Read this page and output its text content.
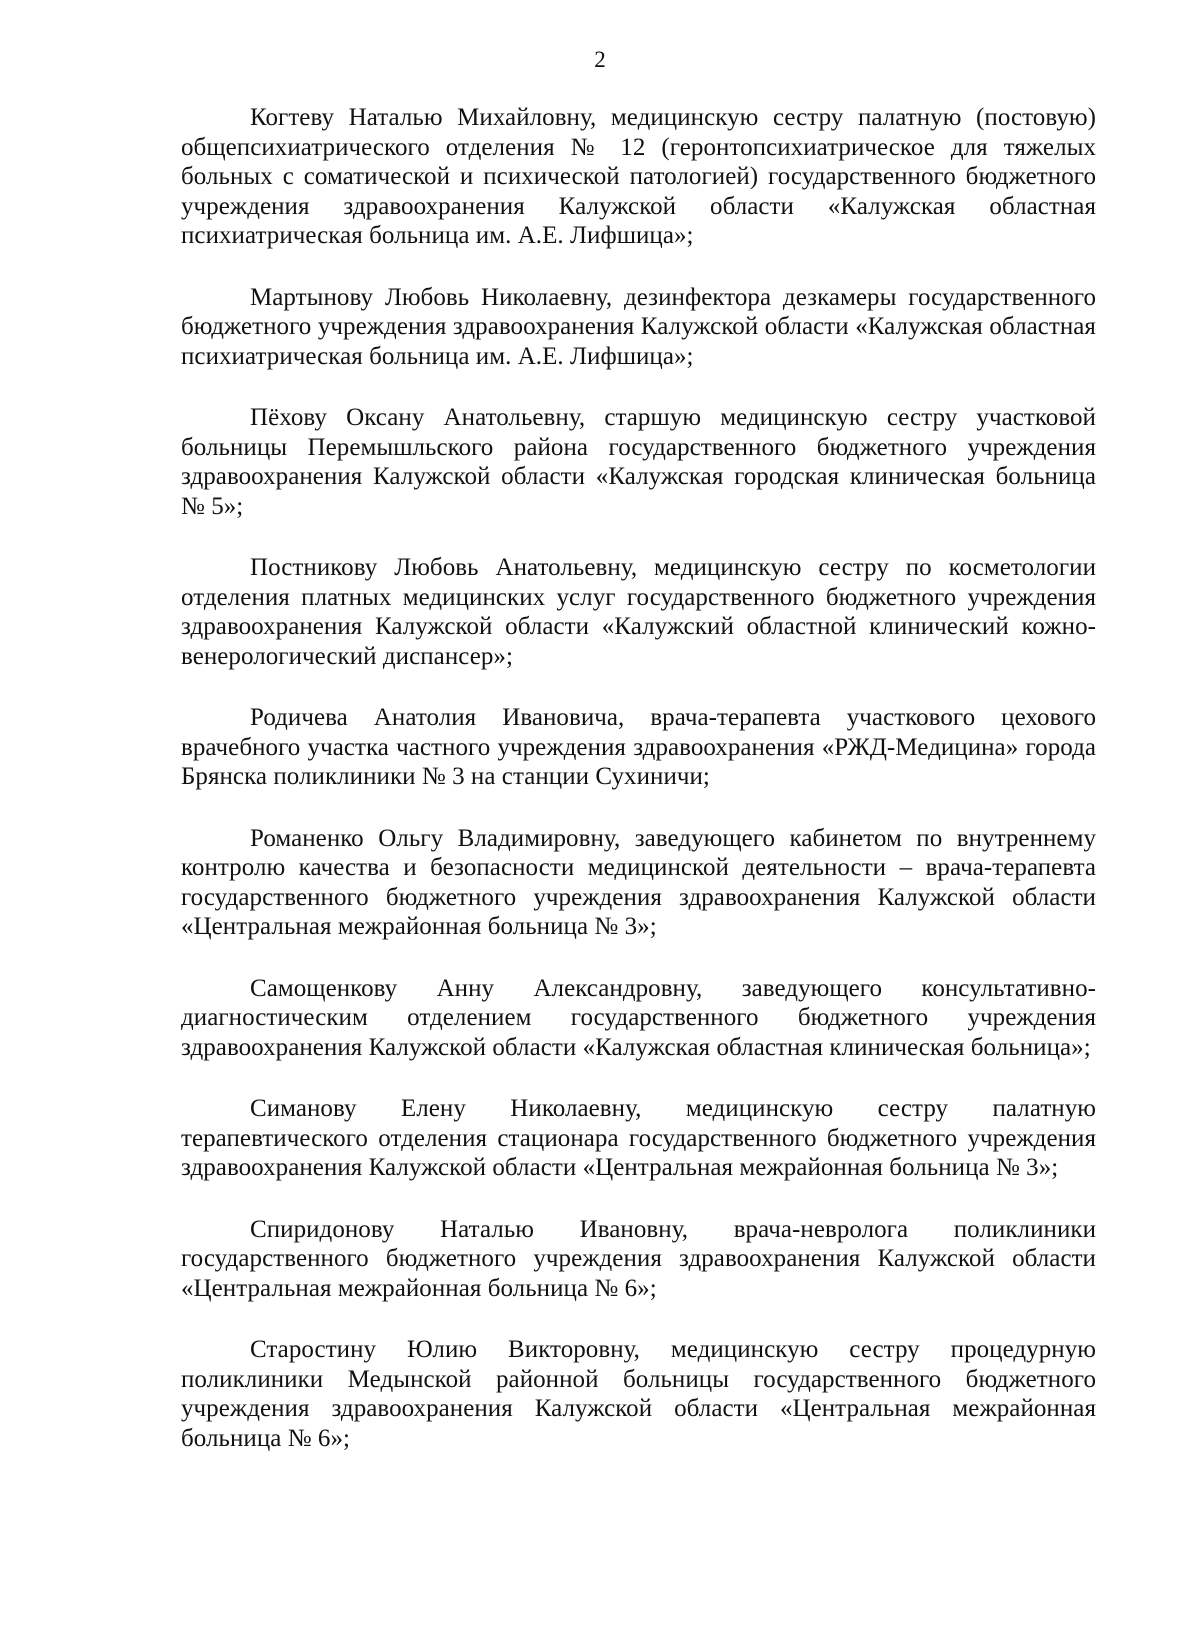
2

Когтеву Наталью Михайловну, медицинскую сестру палатную (постовую) общепсихиатрического отделения № 12 (геронтопсихиатрическое для тяжелых больных с соматической и психической патологией) государственного бюджетного учреждения здравоохранения Калужской области «Калужская областная психиатрическая больница им. А.Е. Лифшица»;

Мартынову Любовь Николаевну, дезинфектора дезкамеры государственного бюджетного учреждения здравоохранения Калужской области «Калужская областная психиатрическая больница им. А.Е. Лифшица»;

Пёхову Оксану Анатольевну, старшую медицинскую сестру участковой больницы Перемышльского района государственного бюджетного учреждения здравоохранения Калужской области «Калужская городская клиническая больница № 5»;

Постникову Любовь Анатольевну, медицинскую сестру по косметологии отделения платных медицинских услуг государственного бюджетного учреждения здравоохранения Калужской области «Калужский областной клинический кожно-венерологический диспансер»;

Родичева Анатолия Ивановича, врача-терапевта участкового цехового врачебного участка частного учреждения здравоохранения «РЖД-Медицина» города Брянска поликлиники № 3 на станции Сухиничи;

Романенко Ольгу Владимировну, заведующего кабинетом по внутреннему контролю качества и безопасности медицинской деятельности – врача-терапевта государственного бюджетного учреждения здравоохранения Калужской области «Центральная межрайонная больница № 3»;

Самощенкову Анну Александровну, заведующего консультативно-диагностическим отделением государственного бюджетного учреждения здравоохранения Калужской области «Калужская областная клиническая больница»;

Симанову Елену Николаевну, медицинскую сестру палатную терапевтического отделения стационара государственного бюджетного учреждения здравоохранения Калужской области «Центральная межрайонная больница № 3»;

Спиридонову Наталью Ивановну, врача-невролога поликлиники государственного бюджетного учреждения здравоохранения Калужской области «Центральная межрайонная больница № 6»;

Старостину Юлию Викторовну, медицинскую сестру процедурную поликлиники Медынской районной больницы государственного бюджетного учреждения здравоохранения Калужской области «Центральная межрайонная больница № 6»;
